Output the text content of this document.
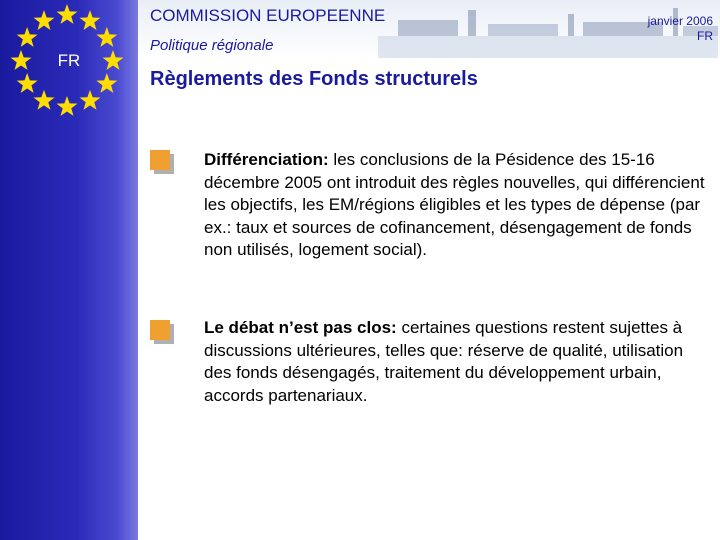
FR
COMMISSION EUROPEENNE
Politique régionale
janvier 2006
FR
Règlements des Fonds structurels

Différenciation: les conclusions de la Pésidence des 15-16 décembre 2005 ont introduit des règles nouvelles, qui différencient les objectifs, les EM/régions éligibles et les types de dépense (par ex.: taux et sources de cofinancement, désengagement de fonds non utilisés, logement social).

Le débat n’est pas clos: certaines questions restent sujettes à discussions ultérieures, telles que: réserve de qualité, utilisation des fonds désengagés, traitement du développement urbain, accords partenariaux.
